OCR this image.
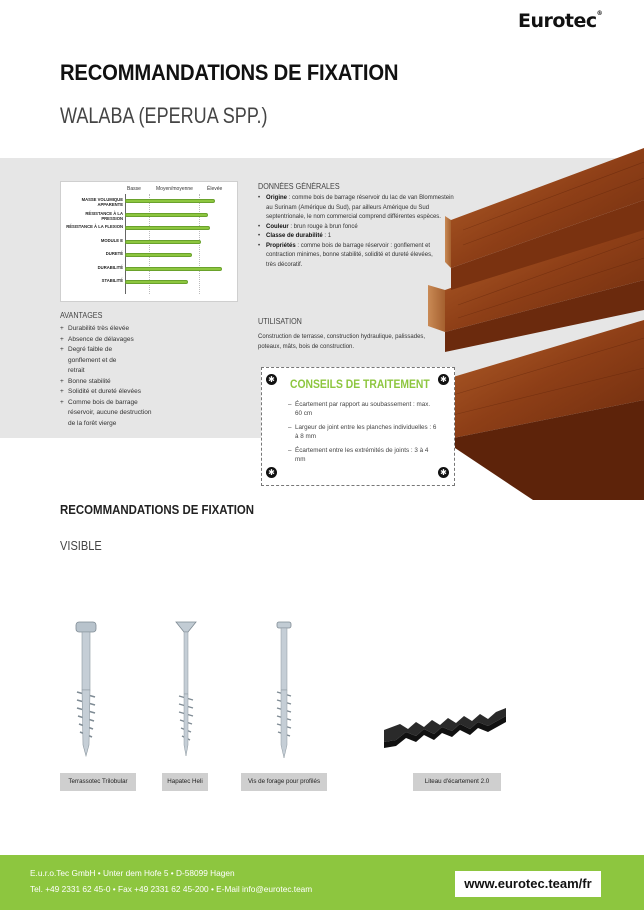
Eurotec®
RECOMMANDATIONS DE FIXATION
WALABA (EPERUA SPP.)
Basse	Moyen/moyenne	Élevée
MASSE VOLUMIQUE APPARENTE
RÉSISTANCE À LA PRESSION
RÉSISTANCE À LA FLEXION
MODULE E
DURETÉ
DURABILITÉ
STABILITÉ
AVANTAGES
+ Durabilité très élevée
+ Absence de délavages
+ Degré faible de gonflement et de retrait
+ Bonne stabilité
+ Solidité et dureté élevées
+ Comme bois de barrage réservoir, aucune destruction de la forêt vierge
DONNÉES GÉNÉRALES
• Origine : comme bois de barrage réservoir du lac de van Blommestein au Surinam (Amérique du Sud), par ailleurs Amérique du Sud septentrionale, le nom commercial comprend différentes espèces.
• Couleur : brun rouge à brun foncé
• Classe de durabilité : 1
• Propriétés : comme bois de barrage réservoir : gonflement et contraction minimes, bonne stabilité, solidité et dureté élevées, très décoratif.
UTILISATION
Construction de terrasse, construction hydraulique, palissades, poteaux, mâts, bois de construction.
✱
✱
✱
✱
CONSEILS DE TRAITEMENT
– Écartement par rapport au soubassement : max. 60 cm
– Largeur de joint entre les planches individuelles : 6 à 8 mm
– Écartement entre les extrémités de joints : 3 à 4 mm
RECOMMANDATIONS DE FIXATION
VISIBLE
Terrassotec Trilobular	Hapatec Heli	Vis de forage pour profilés	Liteau d'écartement 2.0
E.u.r.o.Tec GmbH • Unter dem Hofe 5 • D-58099 Hagen
Tel. +49 2331 62 45-0 • Fax +49 2331 62 45-200 • E-Mail info@eurotec.team	www.eurotec.team/fr
